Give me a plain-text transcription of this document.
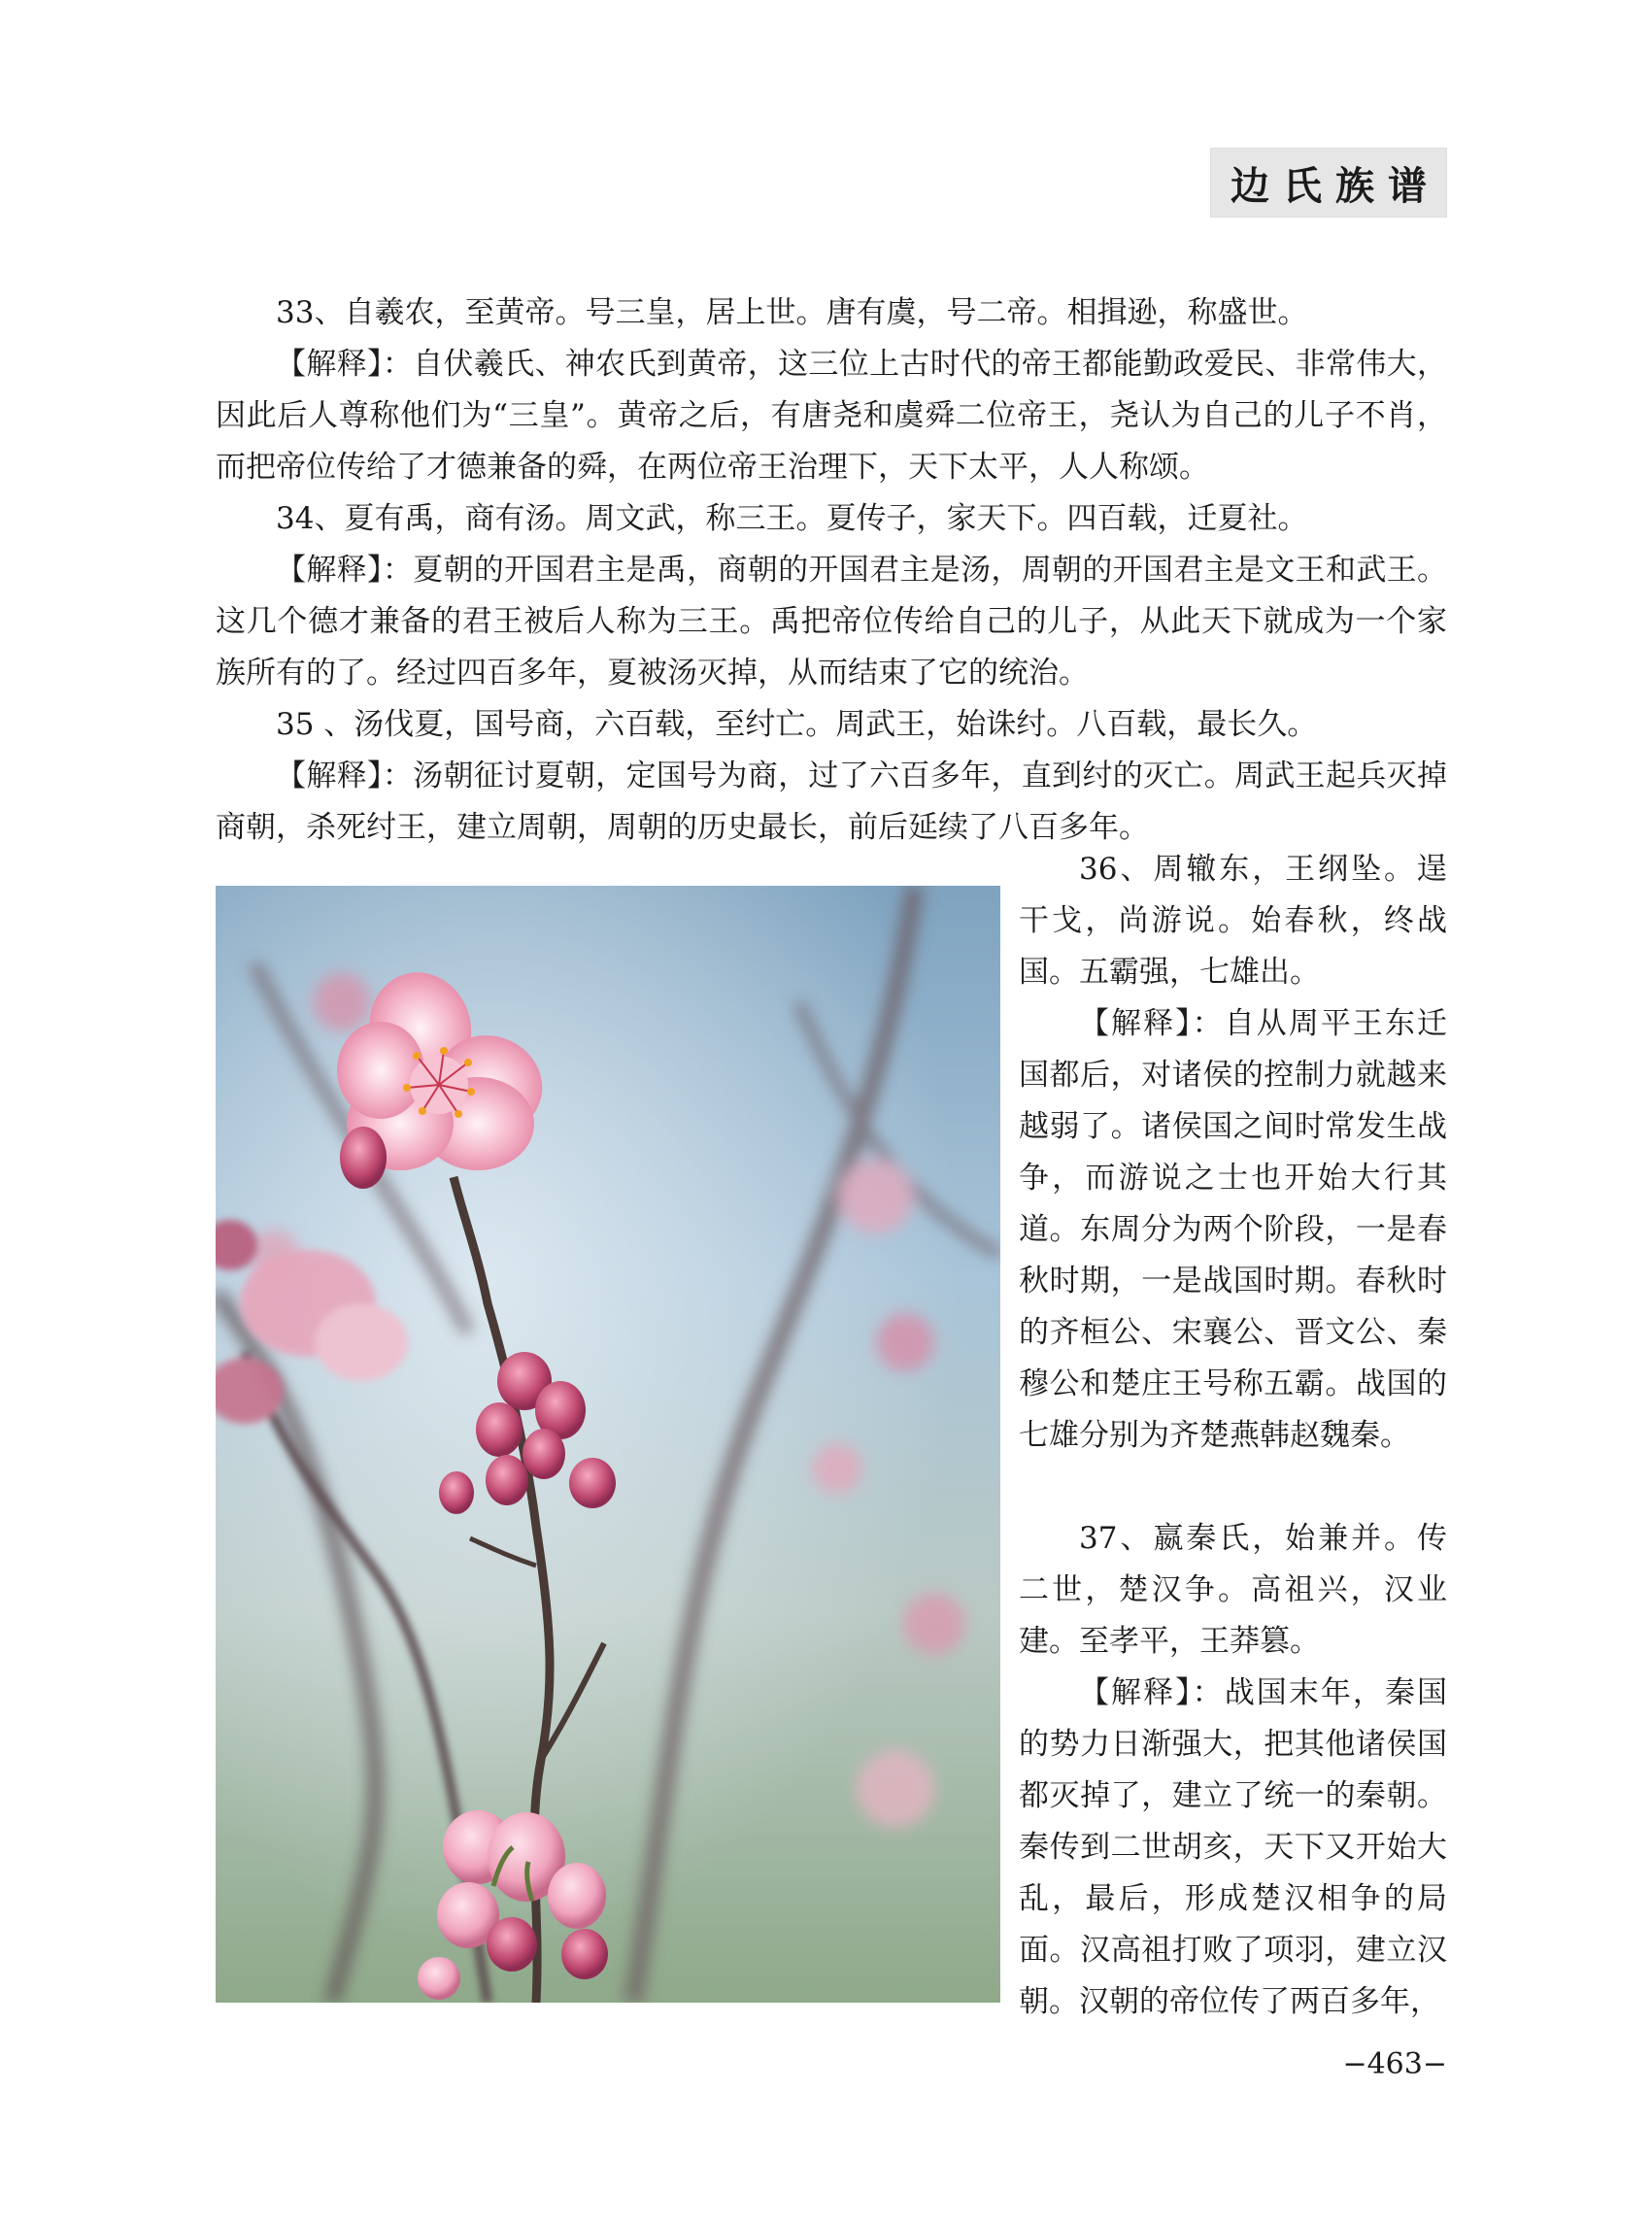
边氏族谱

33、自羲农，至黄帝。号三皇，居上世。唐有虞，号二帝。相揖逊，称盛世。

【解释】：自伏羲氏、神农氏到黄帝，这三位上古时代的帝王都能勤政爱民、非常伟大，因此后人尊称他们为“三皇”。黄帝之后，有唐尧和虞舜二位帝王，尧认为自己的儿子不肖，而把帝位传给了才德兼备的舜，在两位帝王治理下，天下太平，人人称颂。

34、夏有禹，商有汤。周文武，称三王。夏传子，家天下。四百载，迁夏社。

【解释】：夏朝的开国君主是禹，商朝的开国君主是汤，周朝的开国君主是文王和武王。这几个德才兼备的君王被后人称为三王。禹把帝位传给自己的儿子，从此天下就成为一个家族所有的了。经过四百多年，夏被汤灭掉，从而结束了它的统治。

35 、汤伐夏，国号商，六百载，至纣亡。周武王，始诛纣。八百载，最长久。

【解释】：汤朝征讨夏朝，定国号为商，过了六百多年，直到纣的灭亡。周武王起兵灭掉商朝，杀死纣王，建立周朝，周朝的历史最长，前后延续了八百多年。

36、周辙东，王纲坠。逞干戈，尚游说。始春秋，终战国。五霸强，七雄出。

【解释】：自从周平王东迁国都后，对诸侯的控制力就越来越弱了。诸侯国之间时常发生战争，而游说之士也开始大行其道。东周分为两个阶段，一是春秋时期，一是战国时期。春秋时的齐桓公、宋襄公、晋文公、秦穆公和楚庄王号称五霸。战国的七雄分别为齐楚燕韩赵魏秦。

37、嬴秦氏，始兼并。传二世，楚汉争。高祖兴，汉业建。至孝平，王莽篡。

【解释】：战国末年，秦国的势力日渐强大，把其他诸侯国都灭掉了，建立了统一的秦朝。秦传到二世胡亥，天下又开始大乱，最后，形成楚汉相争的局面。汉高祖打败了项羽，建立汉朝。汉朝的帝位传了两百多年，

−463−
